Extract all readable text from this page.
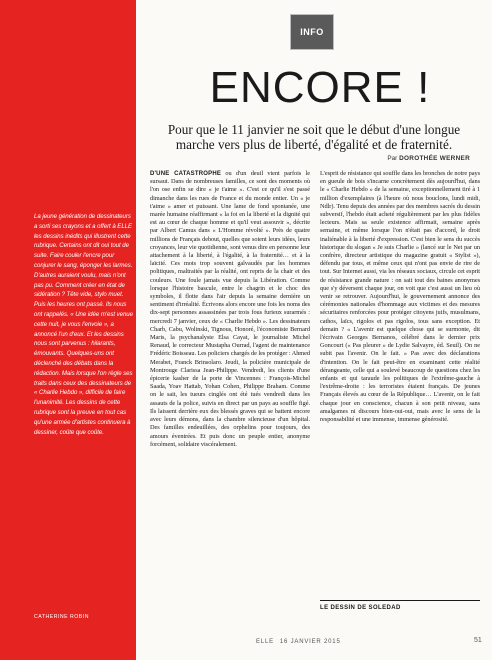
La jeune génération de dessinateurs a sorti ses crayons et a offert à ELLE les dessins inédits qui illustrent cette rubrique. Certains ont dit oui tout de suite. Faire couler l'encre pour conjurer le sang, éponger les larmes. D'autres auraient voulu, mais n'ont pas pu. Comment créer en état de sidération ? Tête vide, stylo muet. Puis les heures ont passé. Ils nous ont rappelés. « Une idée m'est venue cette nuit, je vous l'envoie », a annoncé l'un d'eux. Et les dessins nous sont parvenus : hilarants, émouvants. Quelques-uns ont déclenché des débats dans la rédaction. Mais lorsque l'on règle ses traits dans ceux des dessinateurs de « Charlie Hebdo », difficile de faire l'unanimité. Les dessins de cette rubrique sont la preuve en tout cas qu'une armée d'artistes continuera à dessiner, coûte que coûte.
CATHERINE ROBIN
INFO
ENCORE !

Pour que le 11 janvier ne soit que le début d'une longue marche vers plus de liberté, d'égalité et de fraternité.

Par DOROTHÉE WERNER
D'UNE CATASTROPHE ou d'un deuil vient parfois le sursaut. Dans de nombreuses familles, ce sont des moments où l'on ose enfin se dire « je t'aime ». C'est ce qu'il s'est passé dimanche dans les rues de France et du monde entier. Un « je t'aime » amer et puissant. Une lame de fond spontanée, une marée humaine réaffirmant « la foi en la liberté et la dignité qui est au cœur de chaque homme et qu'il veut assouvir », décrite par Albert Camus dans « L'Homme révolté ». Près de quatre millions de Français debout, quelles que soient leurs idées, leurs croyances, leur vie quotidienne, sont venus dire en personne leur attachement à la liberté, à l'égalité, à la fraternité… et à la laïcité. Ces mots trop souvent galvaudés par les hommes politiques, maltraités par la réalité, ont repris de la chair et des couleurs. Une foule jamais vue depuis la Libération. Comme lorsque l'histoire bascule, entre le chagrin et le choc des symboles, il flotte dans l'air depuis la semaine dernière un sentiment d'irréalité. Écrivons alors encore une fois les noms des dix-sept personnes assassinées par trois fous furieux surarmés : mercredi 7 janvier, ceux de « Charlie Hebdo ». Les dessinateurs Charb, Cabu, Wolinski, Tignous, Honoré, l'économiste Bernard Maris, la psychanalyste Elsa Cayat, le journaliste Michel Renaud, le correcteur Mustapha Ourrad, l'agent de maintenance Frédéric Boisseau. Les policiers chargés de les protéger : Ahmed Merabet, Franck Brinsolaro. Jeudi, la policière municipale de Montrouge Clarissa Jean-Philippe. Vendredi, les clients d'une épicerie kasher de la porte de Vincennes : François-Michel Saada, Yoav Hattab, Yohan Cohen, Philippe Braham. Comme on le sait, les tueurs cinglés ont été tués vendredi dans les assauts de la police, suivis en direct par un pays au souffle figé. Ils laissent derrière eux des blessés graves qui se battent encore avec leurs démons, dans la chambre silencieuse d'un hôpital. Des familles endeuillées, des orphelins pour toujours, des amours éventrées. Et puis donc un peuple entier, anonyme forcément, solidaire viscéralement.
L'esprit de résistance qui souffle dans les bronches de notre pays en gueule de bois s'incarne concrètement dès aujourd'hui, dans le « Charlie Hebdo » de la semaine, exceptionnellement tiré à 1 million d'exemplaires (à l'heure où nous bouclons, lundi midi, Ndlr). Tenu depuis des années par des membres sacrés du dessin subversif, l'hebdo était acheté régulièrement par les plus fidèles lecteurs. Mais sa seule existence affirmait, semaine après semaine, et même lorsque l'on n'était pas d'accord, le droit inaliénable à la liberté d'expression. C'est bien le sens du succès historique du slogan « Je suis Charlie » (lancé sur le Net par un confrère, directeur artistique du magazine gratuit « Stylist »), défendu par tous, et même ceux qui n'ont pas envie de rire de tout. Sur Internet aussi, via les réseaux sociaux, circule cet esprit de résistance grande nature : on sait tout des baines anonymes que s'y déversent chaque jour, on voit que c'est aussi un lieu où venir se retrouver. Aujourd'hui, le gouvernement annonce des cérémonies nationales d'hommage aux victimes et des mesures sécuritaires renforcées pour protéger citoyens juifs, musulmans, cathos, laïcs, rigolos et pas rigolos, tous sans exception. Et demain ? « L'avenir est quelque chose qui se surmonte, dit l'écrivain Georges Bernanos, célébré dans le dernier prix Goncourt (« Pas pleurer » de Lydie Salvayre, éd. Seuil). On ne subit pas l'avenir. On le fait. » Pas avec des déclarations d'intention. On le fait peut-être en examinant cette réalité dérangeante, celle qui a soulevé beaucoup de questions chez les enfants et qui taraude les politiques de l'extrême-gauche à l'extrême-droite : les terroristes étaient français. De jeunes Français élevés au cœur de la République… L'avenir, on le fait chaque jour en conscience, chacun à son petit niveau, sans amalgames ni discours bien-oui-oui, mais avec le sens de la responsabilité et une immense, immense générosité.
LE DESSIN DE SOLEDAD
ELLE 16 JANVIER 2015	51
